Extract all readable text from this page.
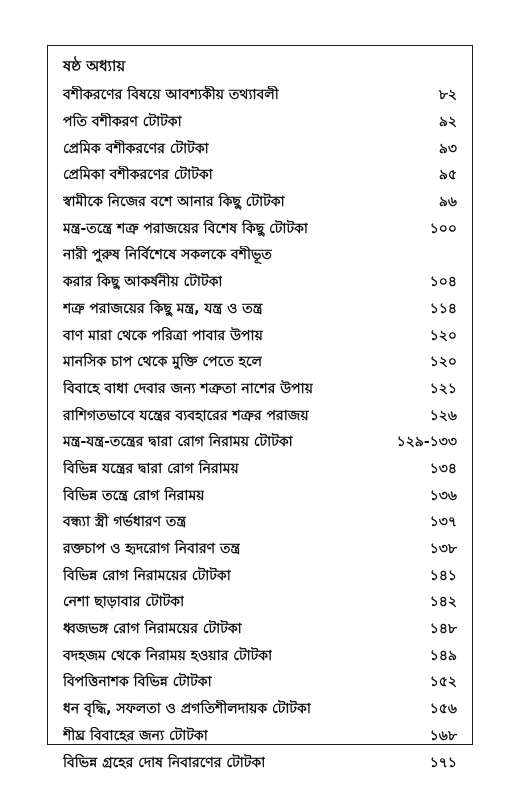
ষষ্ঠ অধ্যায়
বশীকরণের বিষয়ে আবশ্যকীয় তথ্যাবলী	৮২
পতি বশীকরণ টোটকা	৯২
প্রেমিক বশীকরণের টোটকা	৯৩
প্রেমিকা বশীকরণের টোটকা	৯৫
স্বামীকে নিজের বশে আনার কিছু টোটকা	৯৬
মন্ত্র-তন্ত্রে শত্রু পরাজয়ের বিশেষ কিছু টোটকা	১০০
নারী পুরুষ নির্বিশেষে সকলকে বশীভূত
করার কিছু আকর্ষনীয় টোটকা	১০৪
শত্রু পরাজয়ের কিছু মন্ত্র, যন্ত্র ও তন্ত্র	১১৪
বাণ মারা থেকে পরিত্রা পাবার উপায়	১২০
মানসিক চাপ থেকে মুক্তি পেতে হলে	১২০
বিবাহে বাধা দেবার জন্য শত্রুতা নাশের উপায়	১২১
রাশিগতভাবে যন্ত্রের ব্যবহারের শত্রুর পরাজয়	১২৬
মন্ত্র-যন্ত্র-তন্ত্রের দ্বারা রোগ নিরাময় টোটকা	১২৯-১৩৩
বিভিন্ন যন্ত্রের দ্বারা রোগ নিরাময়	১৩৪
বিভিন্ন তন্ত্রে রোগ নিরাময়	১৩৬
বন্ধ্যা স্ত্রী গর্ভধারণ তন্ত্র	১৩৭
রক্তচাপ ও হৃদরোগ নিবারণ তন্ত্র	১৩৮
বিভিন্ন রোগ নিরাময়ের টোটকা	১৪১
নেশা ছাড়াবার টোটকা	১৪২
ধ্বজভঙ্গ রোগ নিরাময়ের টোটকা	১৪৮
বদহজম থেকে নিরাময় হওয়ার টোটকা	১৪৯
বিপত্তিনাশক বিভিন্ন টোটকা	১৫২
ধন বৃদ্ধি, সফলতা ও প্রগতিশীলদায়ক টোটকা	১৫৬
শীঘ্র বিবাহের জন্য টোটকা	১৬৮
বিভিন্ন গ্রহের দোষ নিবারণের টোটকা	১৭১
